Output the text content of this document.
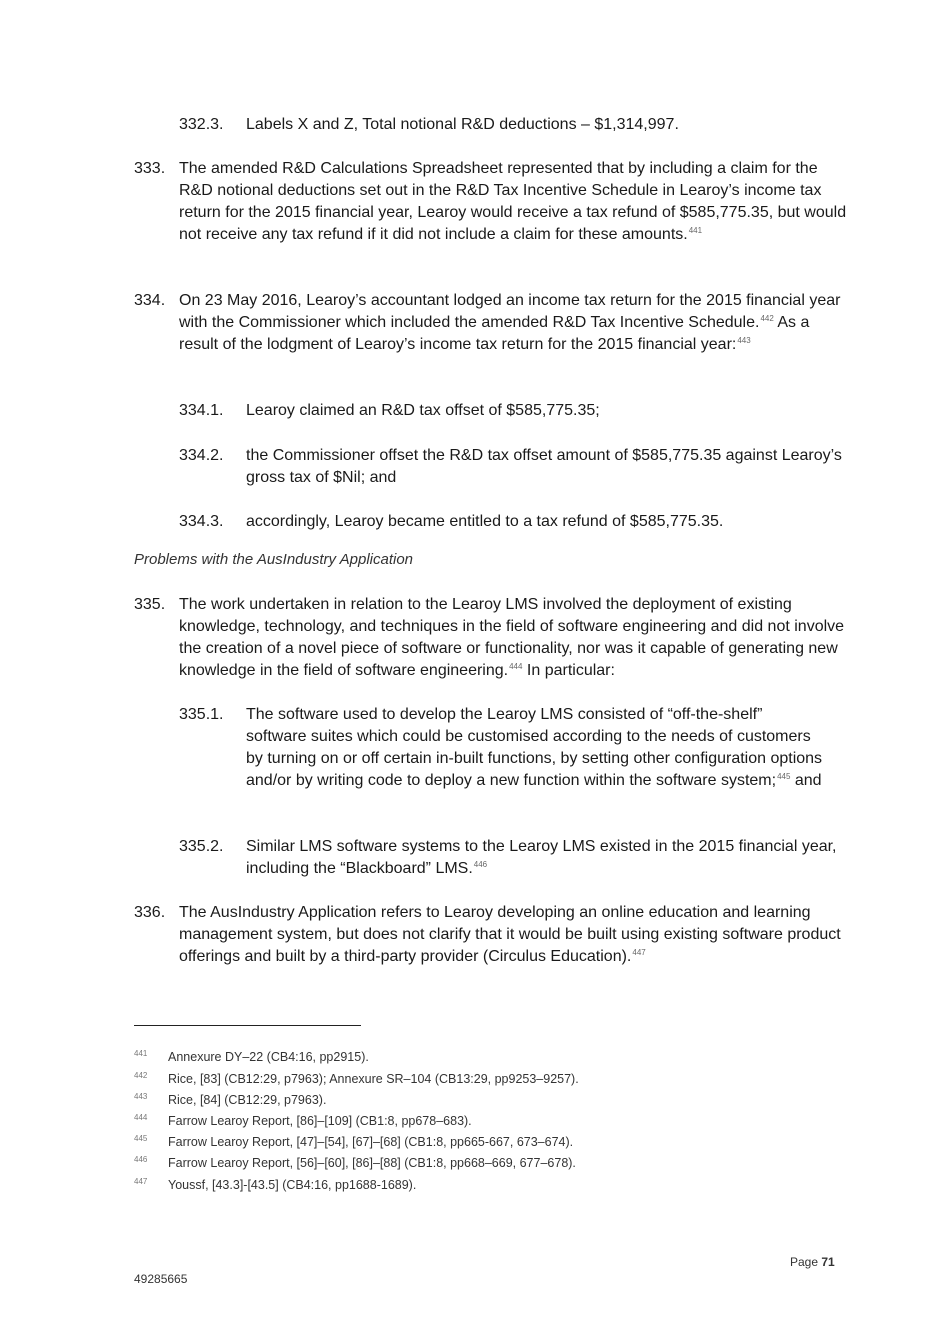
332.3. Labels X and Z, Total notional R&D deductions – $1,314,997.
333. The amended R&D Calculations Spreadsheet represented that by including a claim for the R&D notional deductions set out in the R&D Tax Incentive Schedule in Learoy’s income tax return for the 2015 financial year, Learoy would receive a tax refund of $585,775.35, but would not receive any tax refund if it did not include a claim for these amounts.$^{441}$
334. On 23 May 2016, Learoy’s accountant lodged an income tax return for the 2015 financial year with the Commissioner which included the amended R&D Tax Incentive Schedule.$^{442}$ As a result of the lodgment of Learoy’s income tax return for the 2015 financial year:$^{443}$
334.1. Learoy claimed an R&D tax offset of $585,775.35;
334.2. the Commissioner offset the R&D tax offset amount of $585,775.35 against Learoy’s gross tax of $Nil; and
334.3. accordingly, Learoy became entitled to a tax refund of $585,775.35.
Problems with the AusIndustry Application
335. The work undertaken in relation to the Learoy LMS involved the deployment of existing knowledge, technology, and techniques in the field of software engineering and did not involve the creation of a novel piece of software or functionality, nor was it capable of generating new knowledge in the field of software engineering.$^{444}$ In particular:
335.1. The software used to develop the Learoy LMS consisted of “off-the-shelf” software suites which could be customised according to the needs of customers by turning on or off certain in-built functions, by setting other configuration options and/or by writing code to deploy a new function within the software system;$^{445}$ and
335.2. Similar LMS software systems to the Learoy LMS existed in the 2015 financial year, including the “Blackboard” LMS.$^{446}$
336. The AusIndustry Application refers to Learoy developing an online education and learning management system, but does not clarify that it would be built using existing software product offerings and built by a third-party provider (Circulus Education).$^{447}$
441 Annexure DY–22 (CB4:16, pp2915).
442 Rice, [83] (CB12:29, p7963); Annexure SR–104 (CB13:29, pp9253–9257).
443 Rice, [84] (CB12:29, p7963).
444 Farrow Learoy Report, [86]–[109] (CB1:8, pp678–683).
445 Farrow Learoy Report, [47]–[54], [67]–[68] (CB1:8, pp665-667, 673–674).
446 Farrow Learoy Report, [56]–[60], [86]–[88] (CB1:8, pp668–669, 677–678).
447 Youssf, [43.3]-[43.5] (CB4:16, pp1688-1689).
Page 71
49285665
